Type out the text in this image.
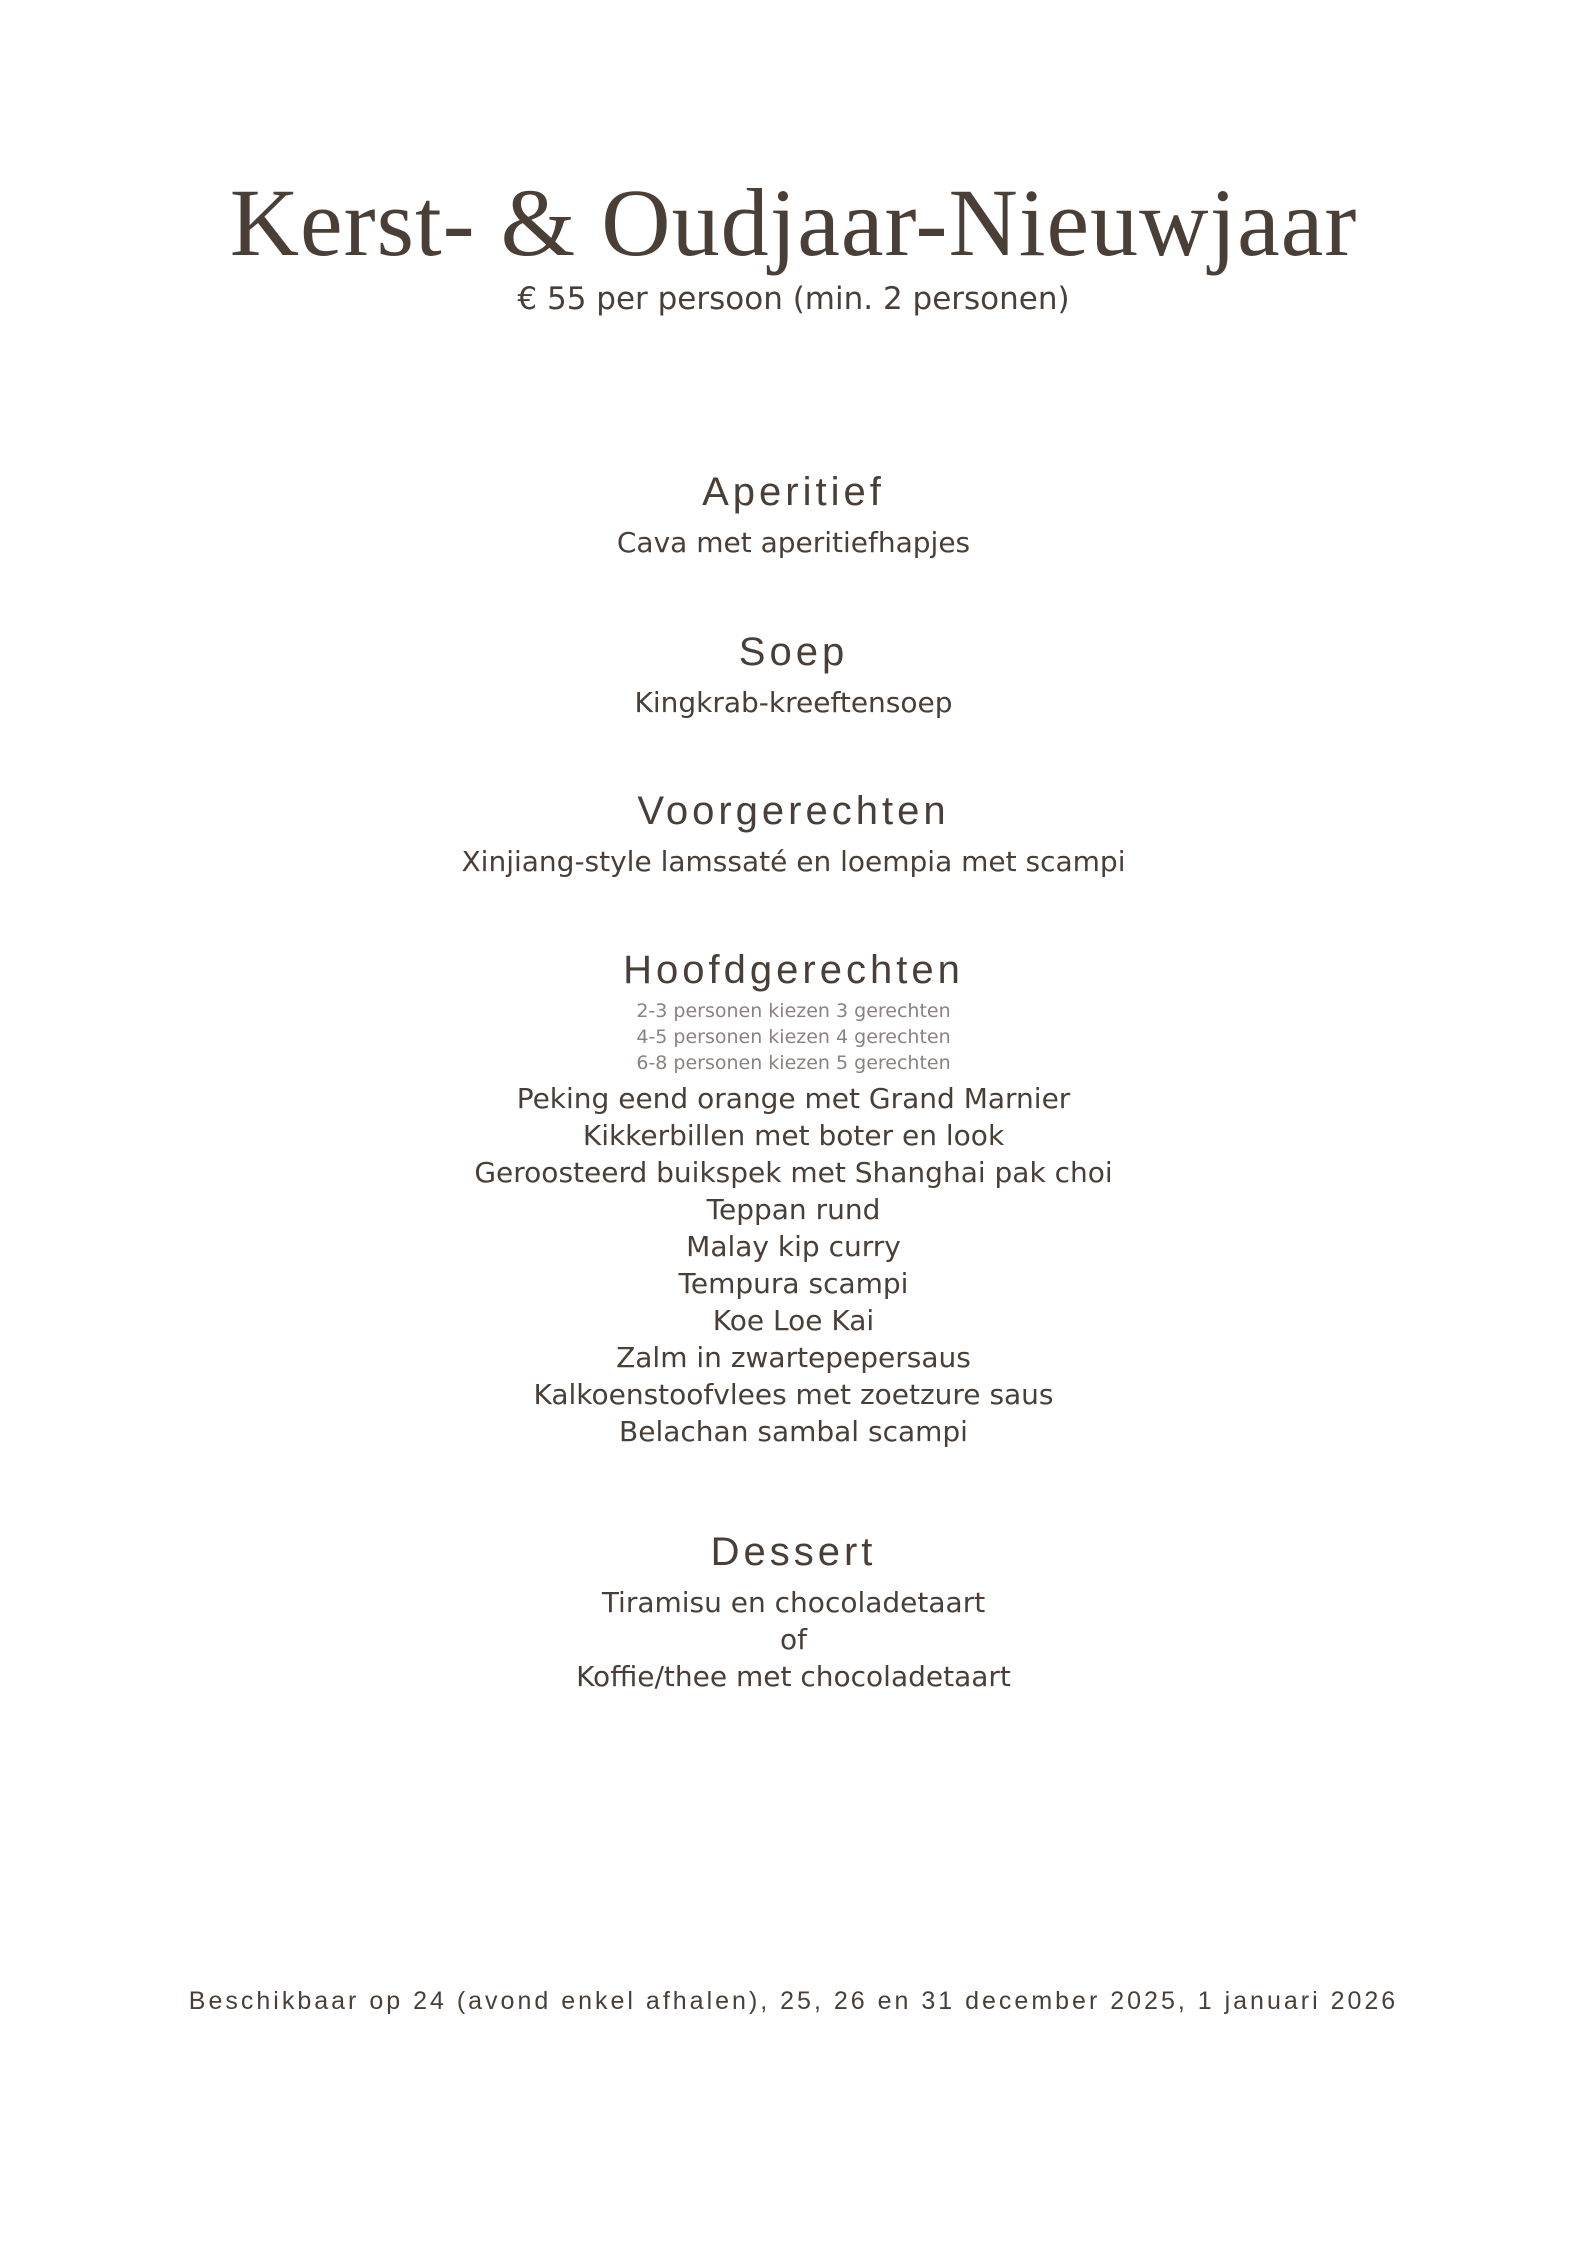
Kerst- & Oudjaar-Nieuwjaar
€ 55 per persoon (min. 2 personen)
Aperitief
Cava met aperitiefhapjes
Soep
Kingkrab-kreeftensoep
Voorgerechten
Xinjiang-style lamssaté en loempia met scampi
Hoofdgerechten
2-3 personen kiezen 3 gerechten
4-5 personen kiezen 4 gerechten
6-8 personen kiezen 5 gerechten
Peking eend orange met Grand Marnier
Kikkerbillen met boter en look
Geroosteerd buikspek met Shanghai pak choi
Teppan rund
Malay kip curry
Tempura scampi
Koe Loe Kai
Zalm in zwartepepersaus
Kalkoenstoofvlees met zoetzure saus
Belachan sambal scampi
Dessert
Tiramisu en chocoladetaart
of
Koffie/thee met chocoladetaart
Beschikbaar op 24 (avond enkel afhalen), 25, 26 en 31 december 2025, 1 januari 2026
